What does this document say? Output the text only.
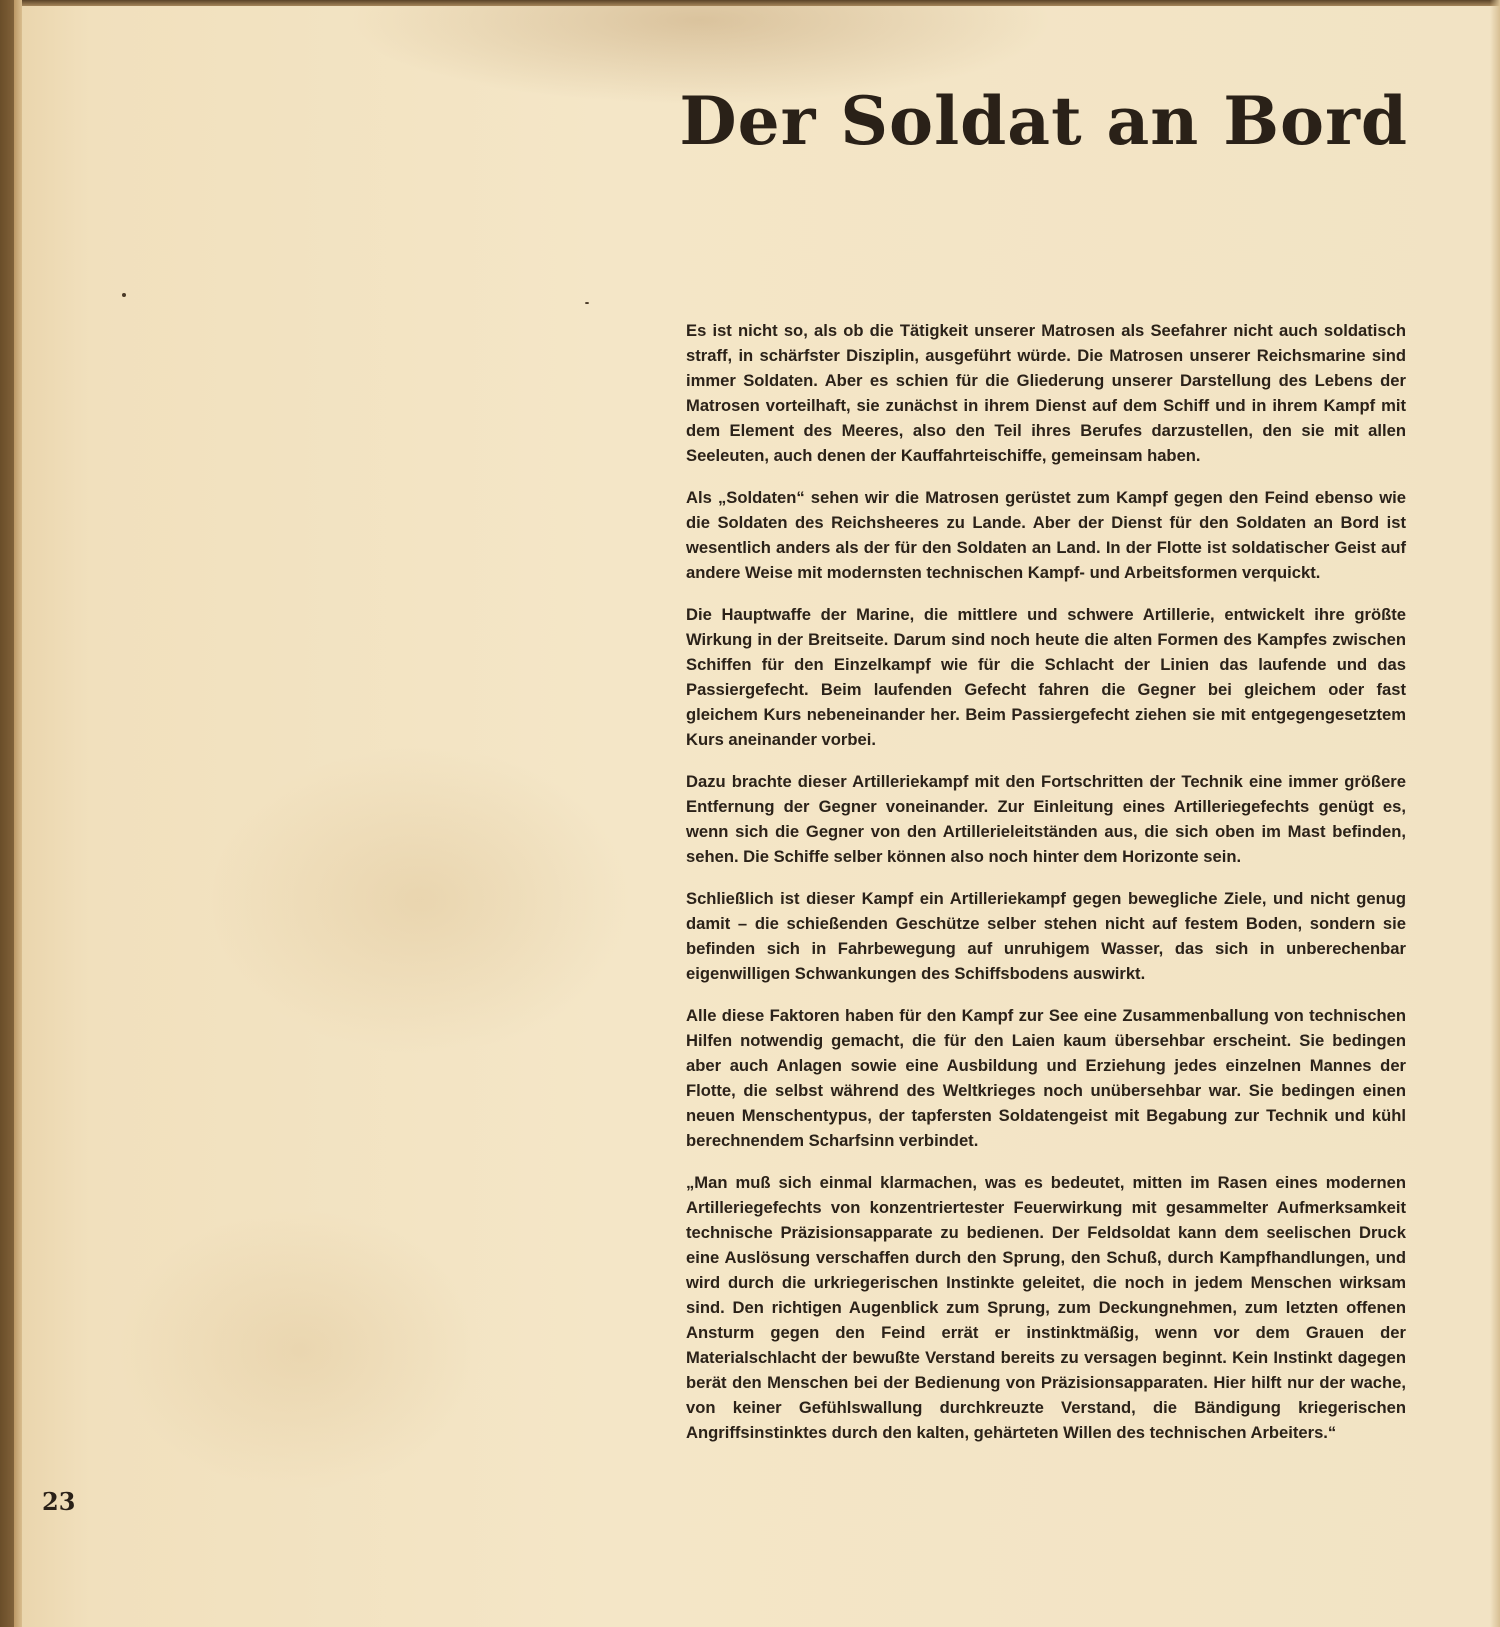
Der Soldat an Bord

Es ist nicht so, als ob die Tätigkeit unserer Matrosen als Seefahrer nicht auch soldatisch straff, in schärfster Disziplin, ausgeführt würde. Die Matrosen unserer Reichsmarine sind immer Soldaten. Aber es schien für die Gliederung unserer Darstellung des Lebens der Matrosen vorteilhaft, sie zunächst in ihrem Dienst auf dem Schiff und in ihrem Kampf mit dem Element des Meeres, also den Teil ihres Berufes darzustellen, den sie mit allen Seeleuten, auch denen der Kauffahrteischiffe, gemeinsam haben.

Als „Soldaten“ sehen wir die Matrosen gerüstet zum Kampf gegen den Feind ebenso wie die Soldaten des Reichsheeres zu Lande. Aber der Dienst für den Soldaten an Bord ist wesentlich anders als der für den Soldaten an Land. In der Flotte ist soldatischer Geist auf andere Weise mit modernsten technischen Kampf- und Arbeitsformen verquickt.

Die Hauptwaffe der Marine, die mittlere und schwere Artillerie, entwickelt ihre größte Wirkung in der Breitseite. Darum sind noch heute die alten Formen des Kampfes zwischen Schiffen für den Einzelkampf wie für die Schlacht der Linien das laufende und das Passiergefecht. Beim laufenden Gefecht fahren die Gegner bei gleichem oder fast gleichem Kurs nebeneinander her. Beim Passiergefecht ziehen sie mit entgegengesetztem Kurs aneinander vorbei.

Dazu brachte dieser Artilleriekampf mit den Fortschritten der Technik eine immer größere Entfernung der Gegner voneinander. Zur Einleitung eines Artilleriegefechts genügt es, wenn sich die Gegner von den Artillerieleitständen aus, die sich oben im Mast befinden, sehen. Die Schiffe selber können also noch hinter dem Horizonte sein.

Schließlich ist dieser Kampf ein Artilleriekampf gegen bewegliche Ziele, und nicht genug damit – die schießenden Geschütze selber stehen nicht auf festem Boden, sondern sie befinden sich in Fahrbewegung auf unruhigem Wasser, das sich in unberechenbar eigenwilligen Schwankungen des Schiffsbodens auswirkt.

Alle diese Faktoren haben für den Kampf zur See eine Zusammenballung von technischen Hilfen notwendig gemacht, die für den Laien kaum übersehbar erscheint. Sie bedingen aber auch Anlagen sowie eine Ausbildung und Erziehung jedes einzelnen Mannes der Flotte, die selbst während des Weltkrieges noch unübersehbar war. Sie bedingen einen neuen Menschentypus, der tapfersten Soldatengeist mit Begabung zur Technik und kühl berechnendem Scharfsinn verbindet.

„Man muß sich einmal klarmachen, was es bedeutet, mitten im Rasen eines modernen Artilleriegefechts von konzentriertester Feuerwirkung mit gesammelter Aufmerksamkeit technische Präzisionsapparate zu bedienen. Der Feldsoldat kann dem seelischen Druck eine Auslösung verschaffen durch den Sprung, den Schuß, durch Kampfhandlungen, und wird durch die urkriegerischen Instinkte geleitet, die noch in jedem Menschen wirksam sind. Den richtigen Augenblick zum Sprung, zum Deckungnehmen, zum letzten offenen Ansturm gegen den Feind errät er instinktmäßig, wenn vor dem Grauen der Materialschlacht der bewußte Verstand bereits zu versagen beginnt. Kein Instinkt dagegen berät den Menschen bei der Bedienung von Präzisionsapparaten. Hier hilft nur der wache, von keiner Gefühlswallung durchkreuzte Verstand, die Bändigung kriegerischen Angriffsinstinktes durch den kalten, gehärteten Willen des technischen Arbeiters.“

23
